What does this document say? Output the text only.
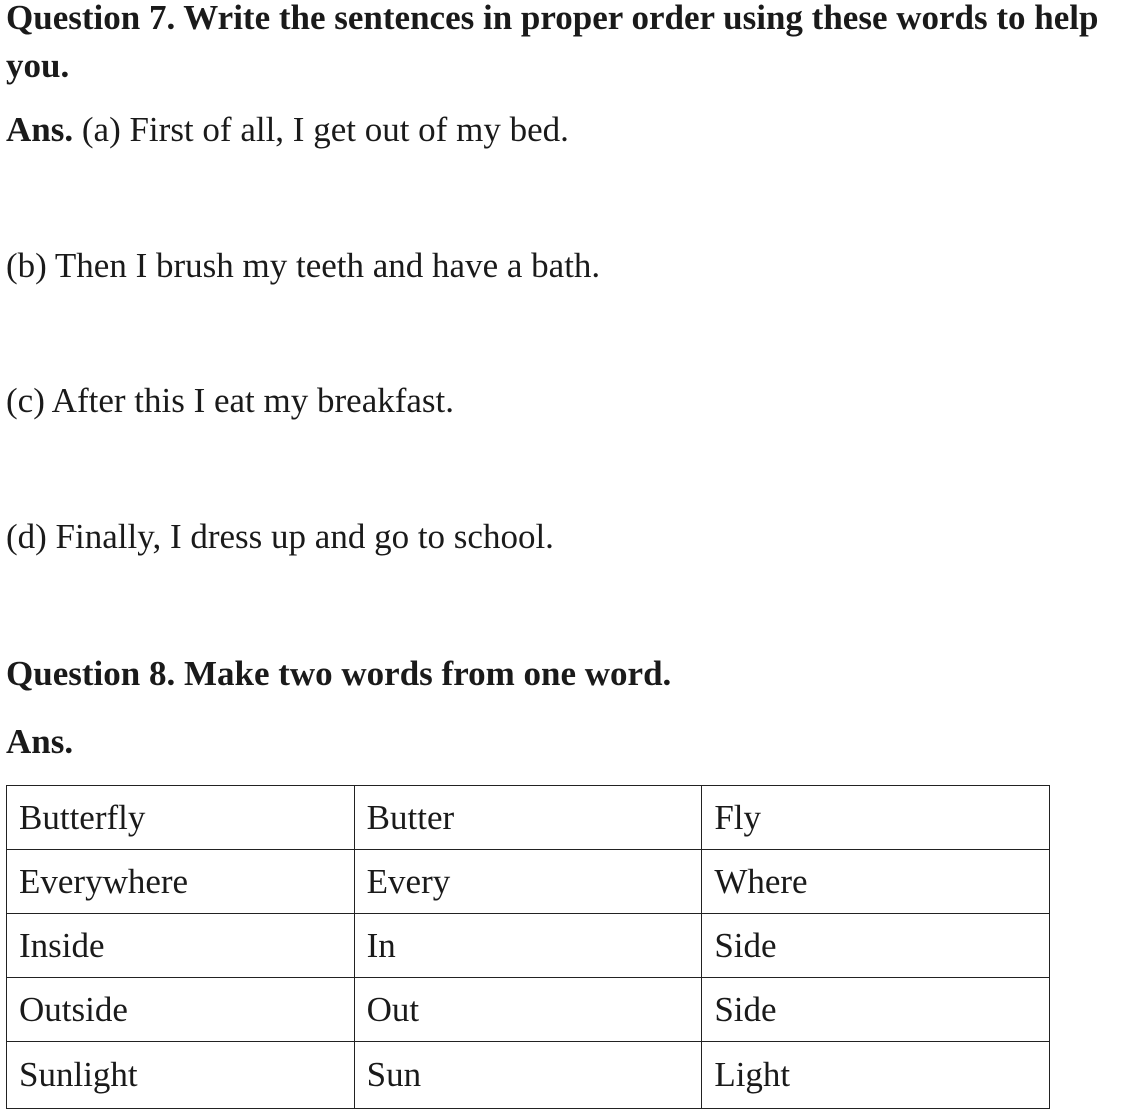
Question 7. Write the sentences in proper order using these words to help you.

Ans. (a) First of all, I get out of my bed.

(b) Then I brush my teeth and have a bath.

(c) After this I eat my breakfast.

(d) Finally, I dress up and go to school.

Question 8. Make two words from one word.

Ans.

Butterfly	Butter	Fly
Everywhere	Every	Where
Inside	In	Side
Outside	Out	Side
Sunlight	Sun	Light
